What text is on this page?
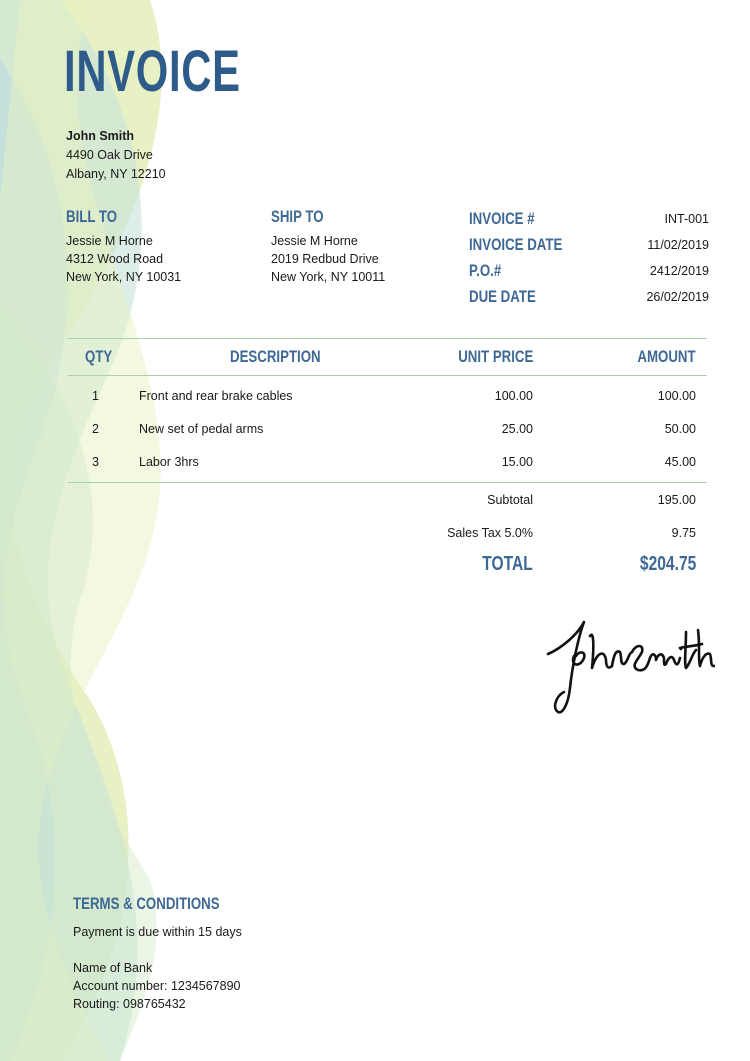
INVOICE
John Smith
4490 Oak Drive
Albany, NY 12210
BILL TO
Jessie M Horne
4312 Wood Road
New York, NY 10031
SHIP TO
Jessie M Horne
2019 Redbud Drive
New York, NY 10011
INVOICE #	INT-001
INVOICE DATE	11/02/2019
P.O.#	2412/2019
DUE DATE	26/02/2019
QTY	DESCRIPTION	UNIT PRICE	AMOUNT
1	Front and rear brake cables	100.00	100.00
2	New set of pedal arms	25.00	50.00
3	Labor 3hrs	15.00	45.00
Subtotal	195.00
Sales Tax 5.0%	9.75
TOTAL	$204.75
TERMS & CONDITIONS

Payment is due within 15 days

Name of Bank

Account number: 1234567890

Routing: 098765432
